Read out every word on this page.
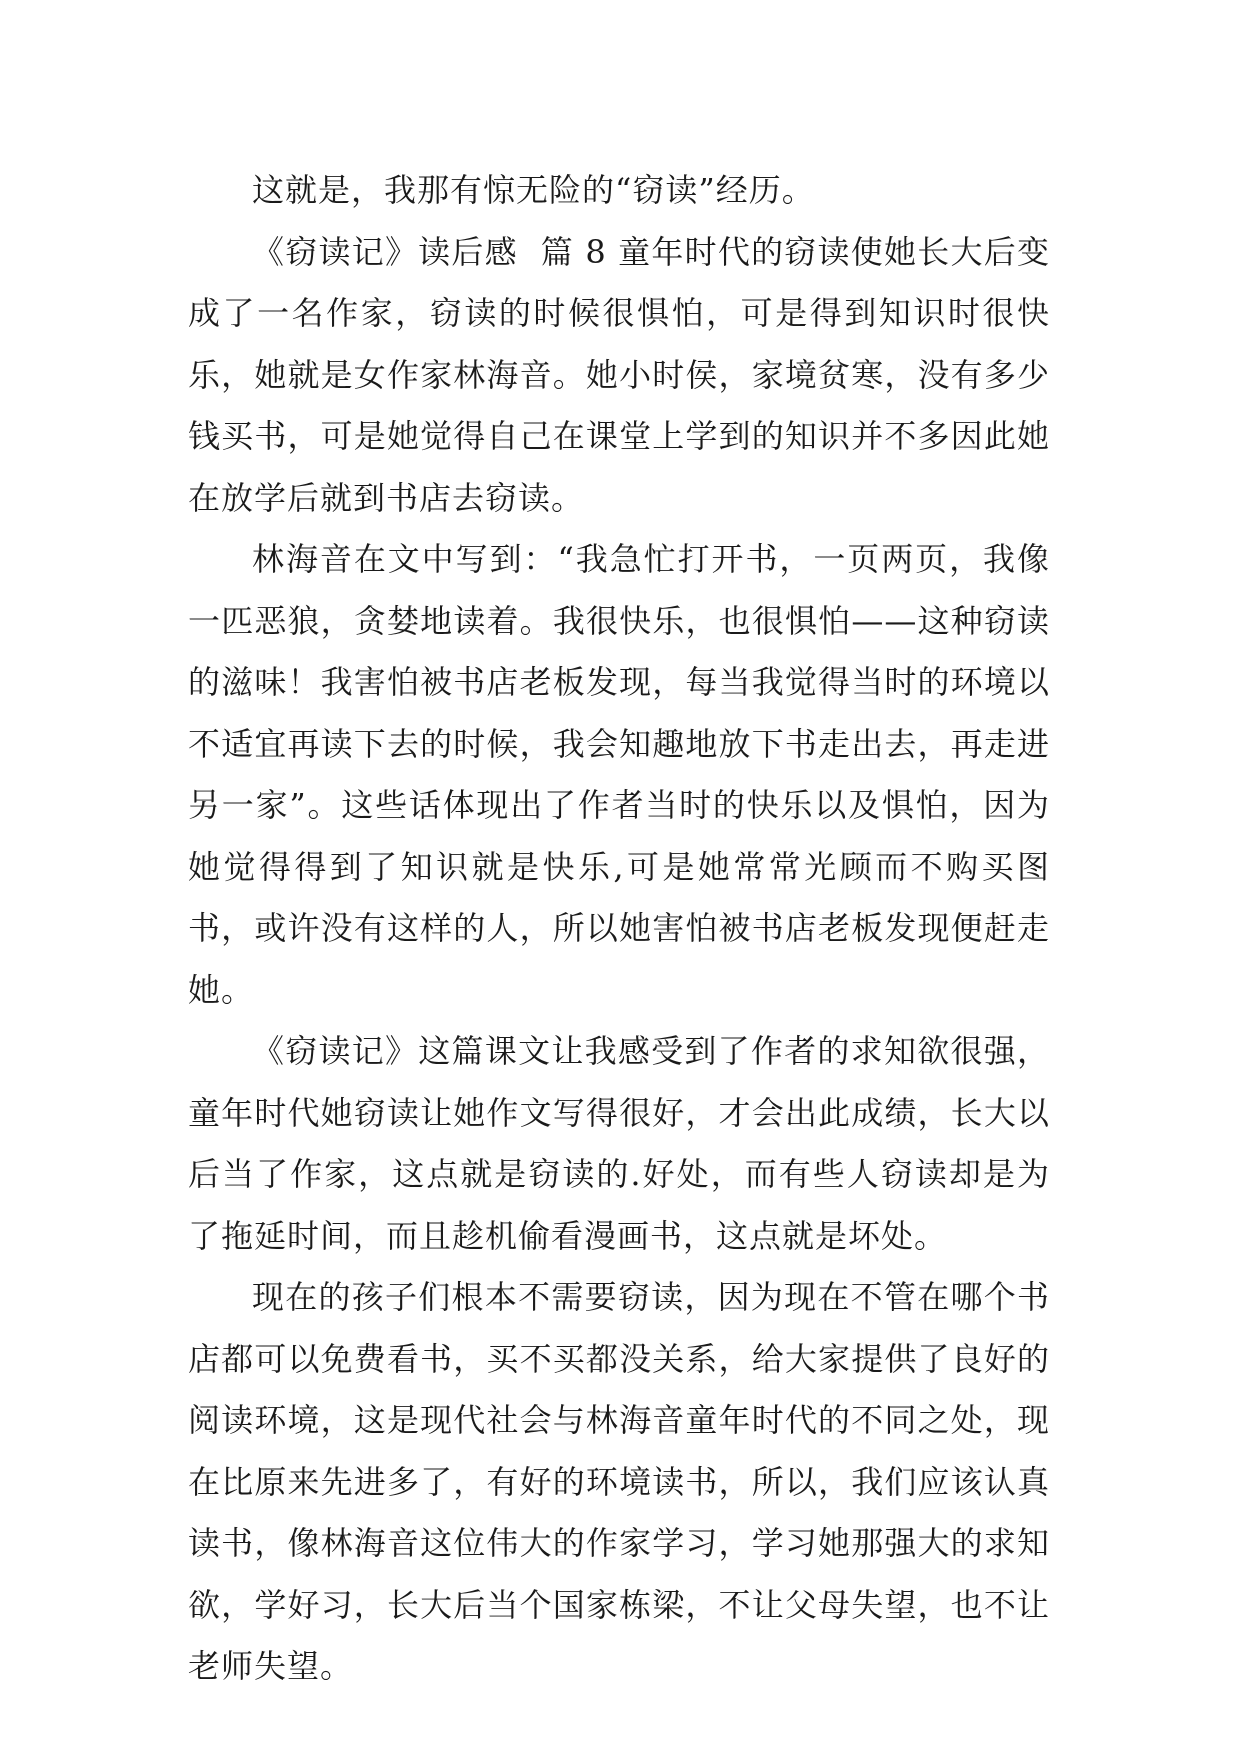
这就是，我那有惊无险的“窃读”经历。

《窃读记》读后感  篇 8 童年时代的窃读使她长大后变成了一名作家，窃读的时候很惧怕，可是得到知识时很快乐，她就是女作家林海音。她小时侯，家境贫寒，没有多少钱买书，可是她觉得自己在课堂上学到的知识并不多因此她在放学后就到书店去窃读。

林海音在文中写到：“我急忙打开书，一页两页，我像一匹恶狼，贪婪地读着。我很快乐，也很惧怕——这种窃读的滋味！我害怕被书店老板发现，每当我觉得当时的环境以不适宜再读下去的时候，我会知趣地放下书走出去，再走进另一家”。这些话体现出了作者当时的快乐以及惧怕，因为她觉得得到了知识就是快乐,可是她常常光顾而不购买图书，或许没有这样的人，所以她害怕被书店老板发现便赶走她。

《窃读记》这篇课文让我感受到了作者的求知欲很强，童年时代她窃读让她作文写得很好，才会出此成绩，长大以后当了作家，这点就是窃读的.好处，而有些人窃读却是为了拖延时间，而且趁机偷看漫画书，这点就是坏处。

现在的孩子们根本不需要窃读，因为现在不管在哪个书店都可以免费看书，买不买都没关系，给大家提供了良好的阅读环境，这是现代社会与林海音童年时代的不同之处，现在比原来先进多了，有好的环境读书，所以，我们应该认真读书，像林海音这位伟大的作家学习，学习她那强大的求知欲，学好习，长大后当个国家栋梁，不让父母失望，也不让老师失望。
